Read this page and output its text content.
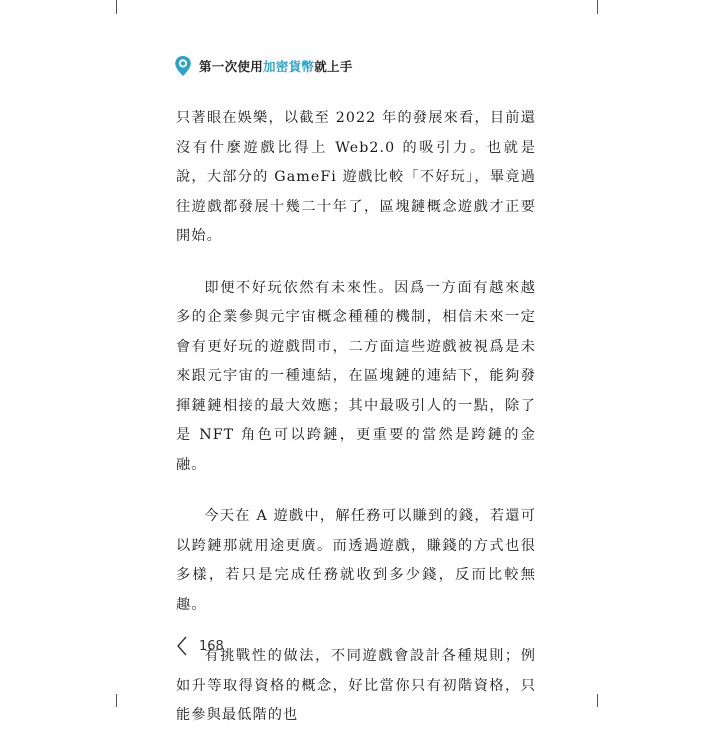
第一次使用加密貨幣就上手

只著眼在娛樂，以截至 2022 年的發展來看，目前還沒有什麼遊戲比得上 Web2.0 的吸引力。也就是說，大部分的 GameFi 遊戲比較「不好玩」，畢竟過往遊戲都發展十幾二十年了，區塊鏈概念遊戲才正要開始。

即便不好玩依然有未來性。因爲一方面有越來越多的企業參與元宇宙概念種種的機制，相信未來一定會有更好玩的遊戲問市，二方面這些遊戲被視爲是未來跟元宇宙的一種連結，在區塊鏈的連結下，能夠發揮鏈鏈相接的最大效應；其中最吸引人的一點，除了是 NFT 角色可以跨鏈，更重要的當然是跨鏈的金融。

今天在 A 遊戲中，解任務可以賺到的錢，若還可以跨鏈那就用途更廣。而透過遊戲，賺錢的方式也很多樣，若只是完成任務就收到多少錢，反而比較無趣。

有挑戰性的做法，不同遊戲會設計各種規則；例如升等取得資格的概念，好比當你只有初階資格，只能參與最低階的也

168
